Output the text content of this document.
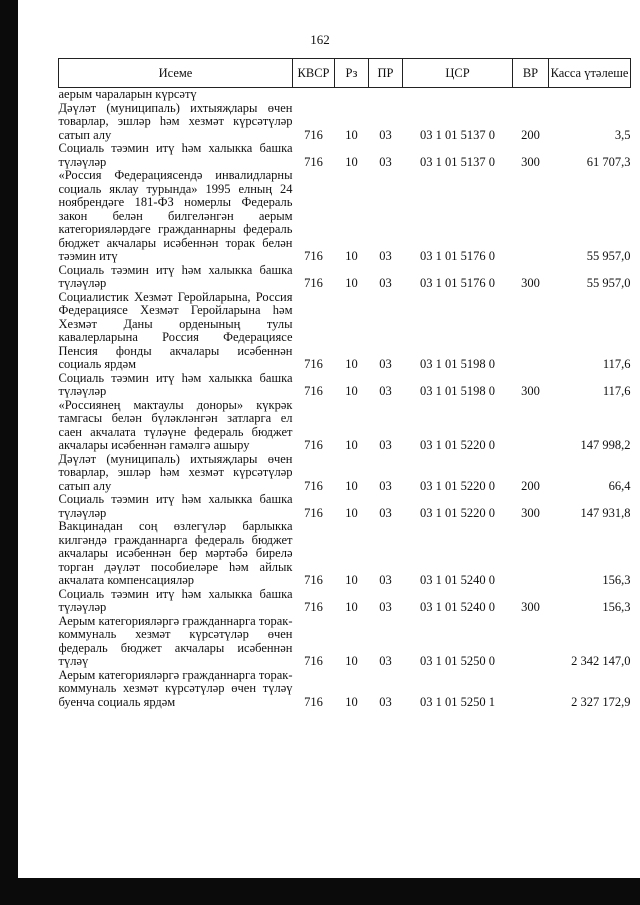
162
Исеме	КВСР	Рз	ПР	ЦСР	ВР	Касса үтәлеше
аерым чараларын күрсәтү						
Дәүләт (муниципаль) ихтыяҗлары өчен товарлар, эшләр һәм хезмәт күрсәтүләр сатып алу	716	10	03	03 1 01 5137 0	200	3,5
Социаль тәэмин итү һәм халыкка башка түләүләр	716	10	03	03 1 01 5137 0	300	61 707,3
«Россия Федерациясендә инвалидларны социаль яклау турында» 1995 елның 24 ноябрендәге 181-ФЗ номерлы Федераль закон белән билгеләнгән аерым категорияләрдәге гражданнарны федераль бюджет акчалары исәбеннән торак белән тәэмин итү	716	10	03	03 1 01 5176 0		55 957,0
Социаль тәэмин итү һәм халыкка башка түләүләр	716	10	03	03 1 01 5176 0	300	55 957,0
Социалистик Хезмәт Геройларына, Россия Федерациясе Хезмәт Геройларына һәм Хезмәт Даны орденының тулы кавалерларына Россия Федерациясе Пенсия фонды акчалары исәбеннән социаль ярдәм	716	10	03	03 1 01 5198 0		117,6
Социаль тәэмин итү һәм халыкка башка түләүләр	716	10	03	03 1 01 5198 0	300	117,6
«Россиянең мактаулы доноры» күкрәк тамгасы белән бүләкләнгән затларга ел саен акчалата түләүне федераль бюджет акчалары исәбеннән гамәлгә ашыру	716	10	03	03 1 01 5220 0		147 998,2
Дәүләт (муниципаль) ихтыяҗлары өчен товарлар, эшләр һәм хезмәт күрсәтүләр сатып алу	716	10	03	03 1 01 5220 0	200	66,4
Социаль тәэмин итү һәм халыкка башка түләүләр	716	10	03	03 1 01 5220 0	300	147 931,8
Вакцинадан соң өзлегүләр барлыкка килгәндә гражданнарга федераль бюджет акчалары исәбеннән бер мәртәбә бирелә торган дәүләт пособиеләре һәм айлык акчалата компенсацияләр	716	10	03	03 1 01 5240 0		156,3
Социаль тәэмин итү һәм халыкка башка түләүләр	716	10	03	03 1 01 5240 0	300	156,3
Аерым категорияләргә гражданнарга торак-коммуналь хезмәт күрсәтүләр өчен федераль бюджет акчалары исәбеннән түләү	716	10	03	03 1 01 5250 0		2 342 147,0
Аерым категорияләргә гражданнарга торак-коммуналь хезмәт күрсәтүләр өчен түләү буенча социаль ярдәм	716	10	03	03 1 01 5250 1		2 327 172,9
